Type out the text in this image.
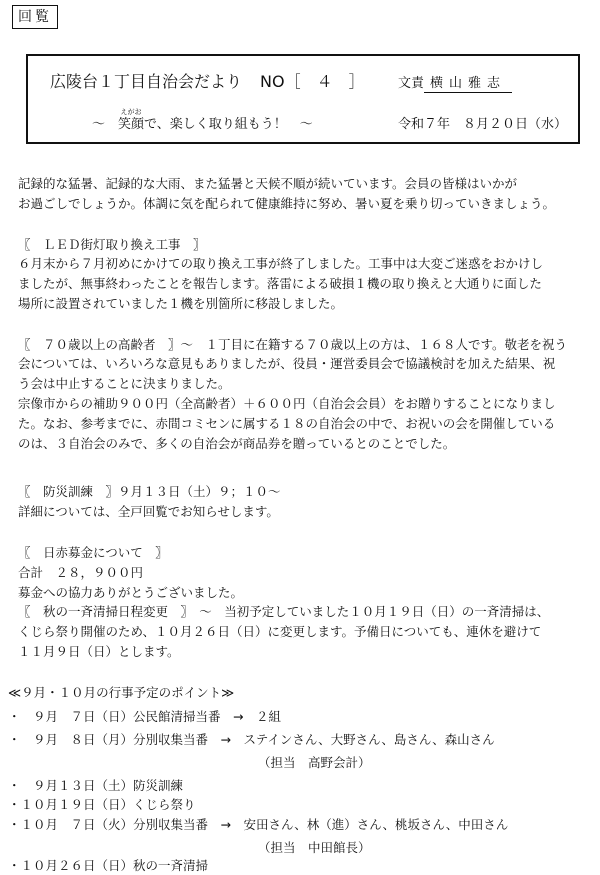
回覧
広陵台１丁目自治会だより NO［　 ４　 ］	文責 横山雅志
～　
えがお
笑顔で、楽しく取り組もう！　～	令和７年　８月２０日（水）
記録的な猛暑、記録的な大雨、また猛暑と天候不順が続いています。会員の皆様はいかが
お過ごしでしょうか。体調に気を配られて健康維持に努め、暑い夏を乗り切っていきましょう。
〖　ＬＥＤ街灯取り換え工事　〗
６月末から７月初めにかけての取り換え工事が終了しました。工事中は大変ご迷惑をおかけし
ましたが、無事終わったことを報告します。落雷による破損１機の取り換えと大通りに面した
場所に設置されていました１機を別箇所に移設しました。
〖　７０歳以上の高齢者　〗～　１丁目に在籍する７０歳以上の方は、１６８人です。敬老を祝う
会については、いろいろな意見もありましたが、役員・運営委員会で協議検討を加えた結果、祝
う会は中止することに決まりました。
宗像市からの補助９００円（全高齢者）＋６００円（自治会会員）をお贈りすることになりまし
た。なお、参考までに、赤間コミセンに属する１８の自治会の中で、お祝いの会を開催している
のは、３自治会のみで、多くの自治会が商品券を贈っているとのことでした。
〖　防災訓練　〗９月１３日（土）９；１０～
詳細については、全戸回覧でお知らせします。
〖　日赤募金について　〗
合計　２８，９００円
募金への協力ありがとうございました。
〖　秋の一斉清掃日程変更　〗　～　当初予定していました１０月１９日（日）の一斉清掃は、
くじら祭り開催のため、１０月２６日（日）に変更します。予備日についても、連休を避けて
１１月９日（日）とします。
≪９月・１０月の行事予定のポイント≫
・　９月　７日（日）公民館清掃当番　 →　２組
・　９月　８日（月）分別収集当番　 →　ステインさん、大野さん、島さん、森山さん
（担当　高野会計）
・　９月１３日（土）防災訓練
・１０月１９日（日）くじら祭り
・１０月　７日（火）分別収集当番　 →　安田さん、林（進）さん、桃坂さん、中田さん
（担当　中田館長）
・１０月２６日（日）秋の一斉清掃
